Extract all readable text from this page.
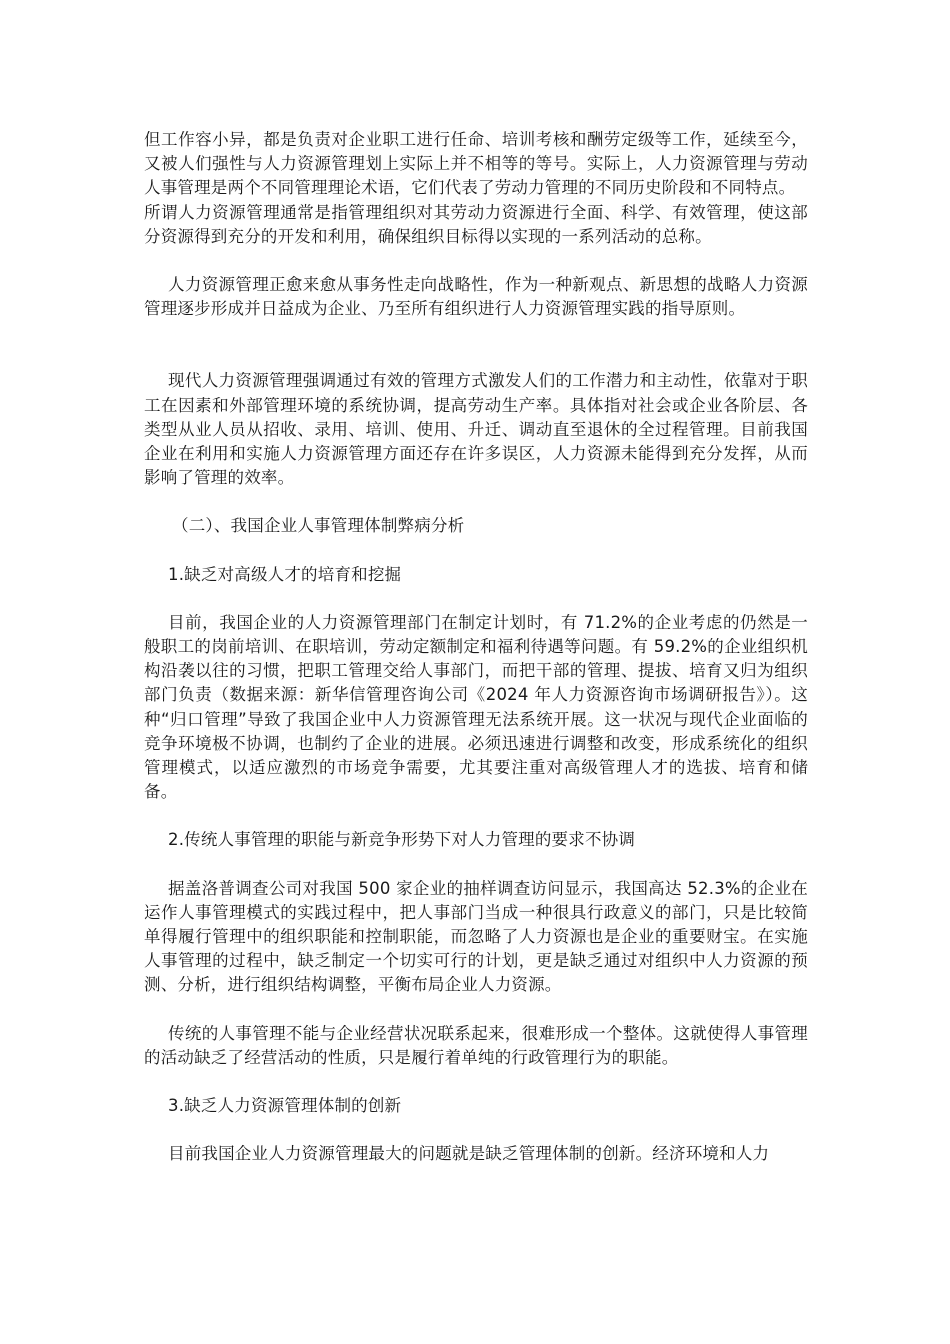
但工作容小异，都是负责对企业职工进行任命、培训考核和酬劳定级等工作，延续至今，又被人们强性与人力资源管理划上实际上并不相等的等号。实际上，人力资源管理与劳动人事管理是两个不同管理理论术语，它们代表了劳动力管理的不同历史阶段和不同特点。

所谓人力资源管理通常是指管理组织对其劳动力资源进行全面、科学、有效管理，使这部分资源得到充分的开发和利用，确保组织目标得以实现的一系列活动的总称。

人力资源管理正愈来愈从事务性走向战略性，作为一种新观点、新思想的战略人力资源管理逐步形成并日益成为企业、乃至所有组织进行人力资源管理实践的指导原则。

现代人力资源管理强调通过有效的管理方式激发人们的工作潜力和主动性，依靠对于职工在因素和外部管理环境的系统协调，提高劳动生产率。具体指对社会或企业各阶层、各类型从业人员从招收、录用、培训、使用、升迁、调动直至退休的全过程管理。目前我国企业在利用和实施人力资源管理方面还存在许多误区，人力资源未能得到充分发挥，从而影响了管理的效率。

（二）、我国企业人事管理体制弊病分析

1.缺乏对高级人才的培育和挖掘

目前，我国企业的人力资源管理部门在制定计划时，有 71.2%的企业考虑的仍然是一般职工的岗前培训、在职培训，劳动定额制定和福利待遇等问题。有 59.2%的企业组织机构沿袭以往的习惯，把职工管理交给人事部门，而把干部的管理、提拔、培育又归为组织部门负责（数据来源：新华信管理咨询公司《2024 年人力资源咨询市场调研报告》）。这种“归口管理”导致了我国企业中人力资源管理无法系统开展。这一状况与现代企业面临的竞争环境极不协调，也制约了企业的进展。必须迅速进行调整和改变，形成系统化的组织管理模式，以适应激烈的市场竞争需要，尤其要注重对高级管理人才的选拔、培育和储备。

2.传统人事管理的职能与新竞争形势下对人力管理的要求不协调

据盖洛普调查公司对我国 500 家企业的抽样调查访问显示，我国高达 52.3%的企业在运作人事管理模式的实践过程中，把人事部门当成一种很具行政意义的部门，只是比较简单得履行管理中的组织职能和控制职能，而忽略了人力资源也是企业的重要财宝。在实施人事管理的过程中，缺乏制定一个切实可行的计划，更是缺乏通过对组织中人力资源的预测、分析，进行组织结构调整，平衡布局企业人力资源。

传统的人事管理不能与企业经营状况联系起来，很难形成一个整体。这就使得人事管理的活动缺乏了经营活动的性质，只是履行着单纯的行政管理行为的职能。

3.缺乏人力资源管理体制的创新

目前我国企业人力资源管理最大的问题就是缺乏管理体制的创新。经济环境和人力
